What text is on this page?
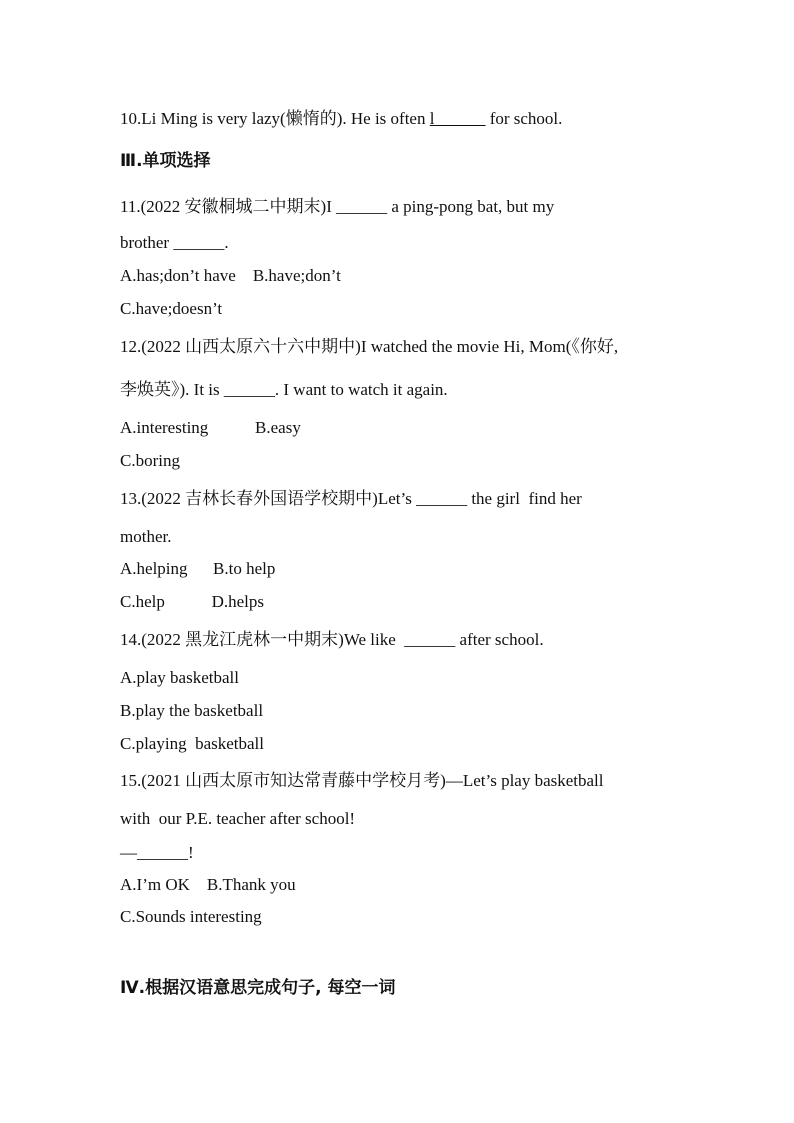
10.Li Ming is very lazy(懒惰的). He is often l______ for school.
Ⅲ.单项选择
11.(2022 安徽桐城二中期末)I ______ a ping-pong bat, but my
brother ______.
A.has;don’t have    B.have;don’t
C.have;doesn’t
12.(2022 山西太原六十六中期中)I watched the movie Hi, Mom(《你好,
李焕英》). It is ______. I want to watch it again.
A.interesting           B.easy
C.boring
13.(2022 吉林长春外国语学校期中)Let’s ______ the girl  find her
mother.
A.helping      B.to help
C.help           D.helps
14.(2022 黑龙江虎林一中期末)We like  ______ after school.
A.play basketball
B.play the basketball
C.playing  basketball
15.(2021 山西太原市知达常青藤中学校月考)—Let’s play basketball
with  our P.E. teacher after school!
—______!
A.I’m OK    B.Thank you
C.Sounds interesting
Ⅳ.根据汉语意思完成句子, 每空一词
